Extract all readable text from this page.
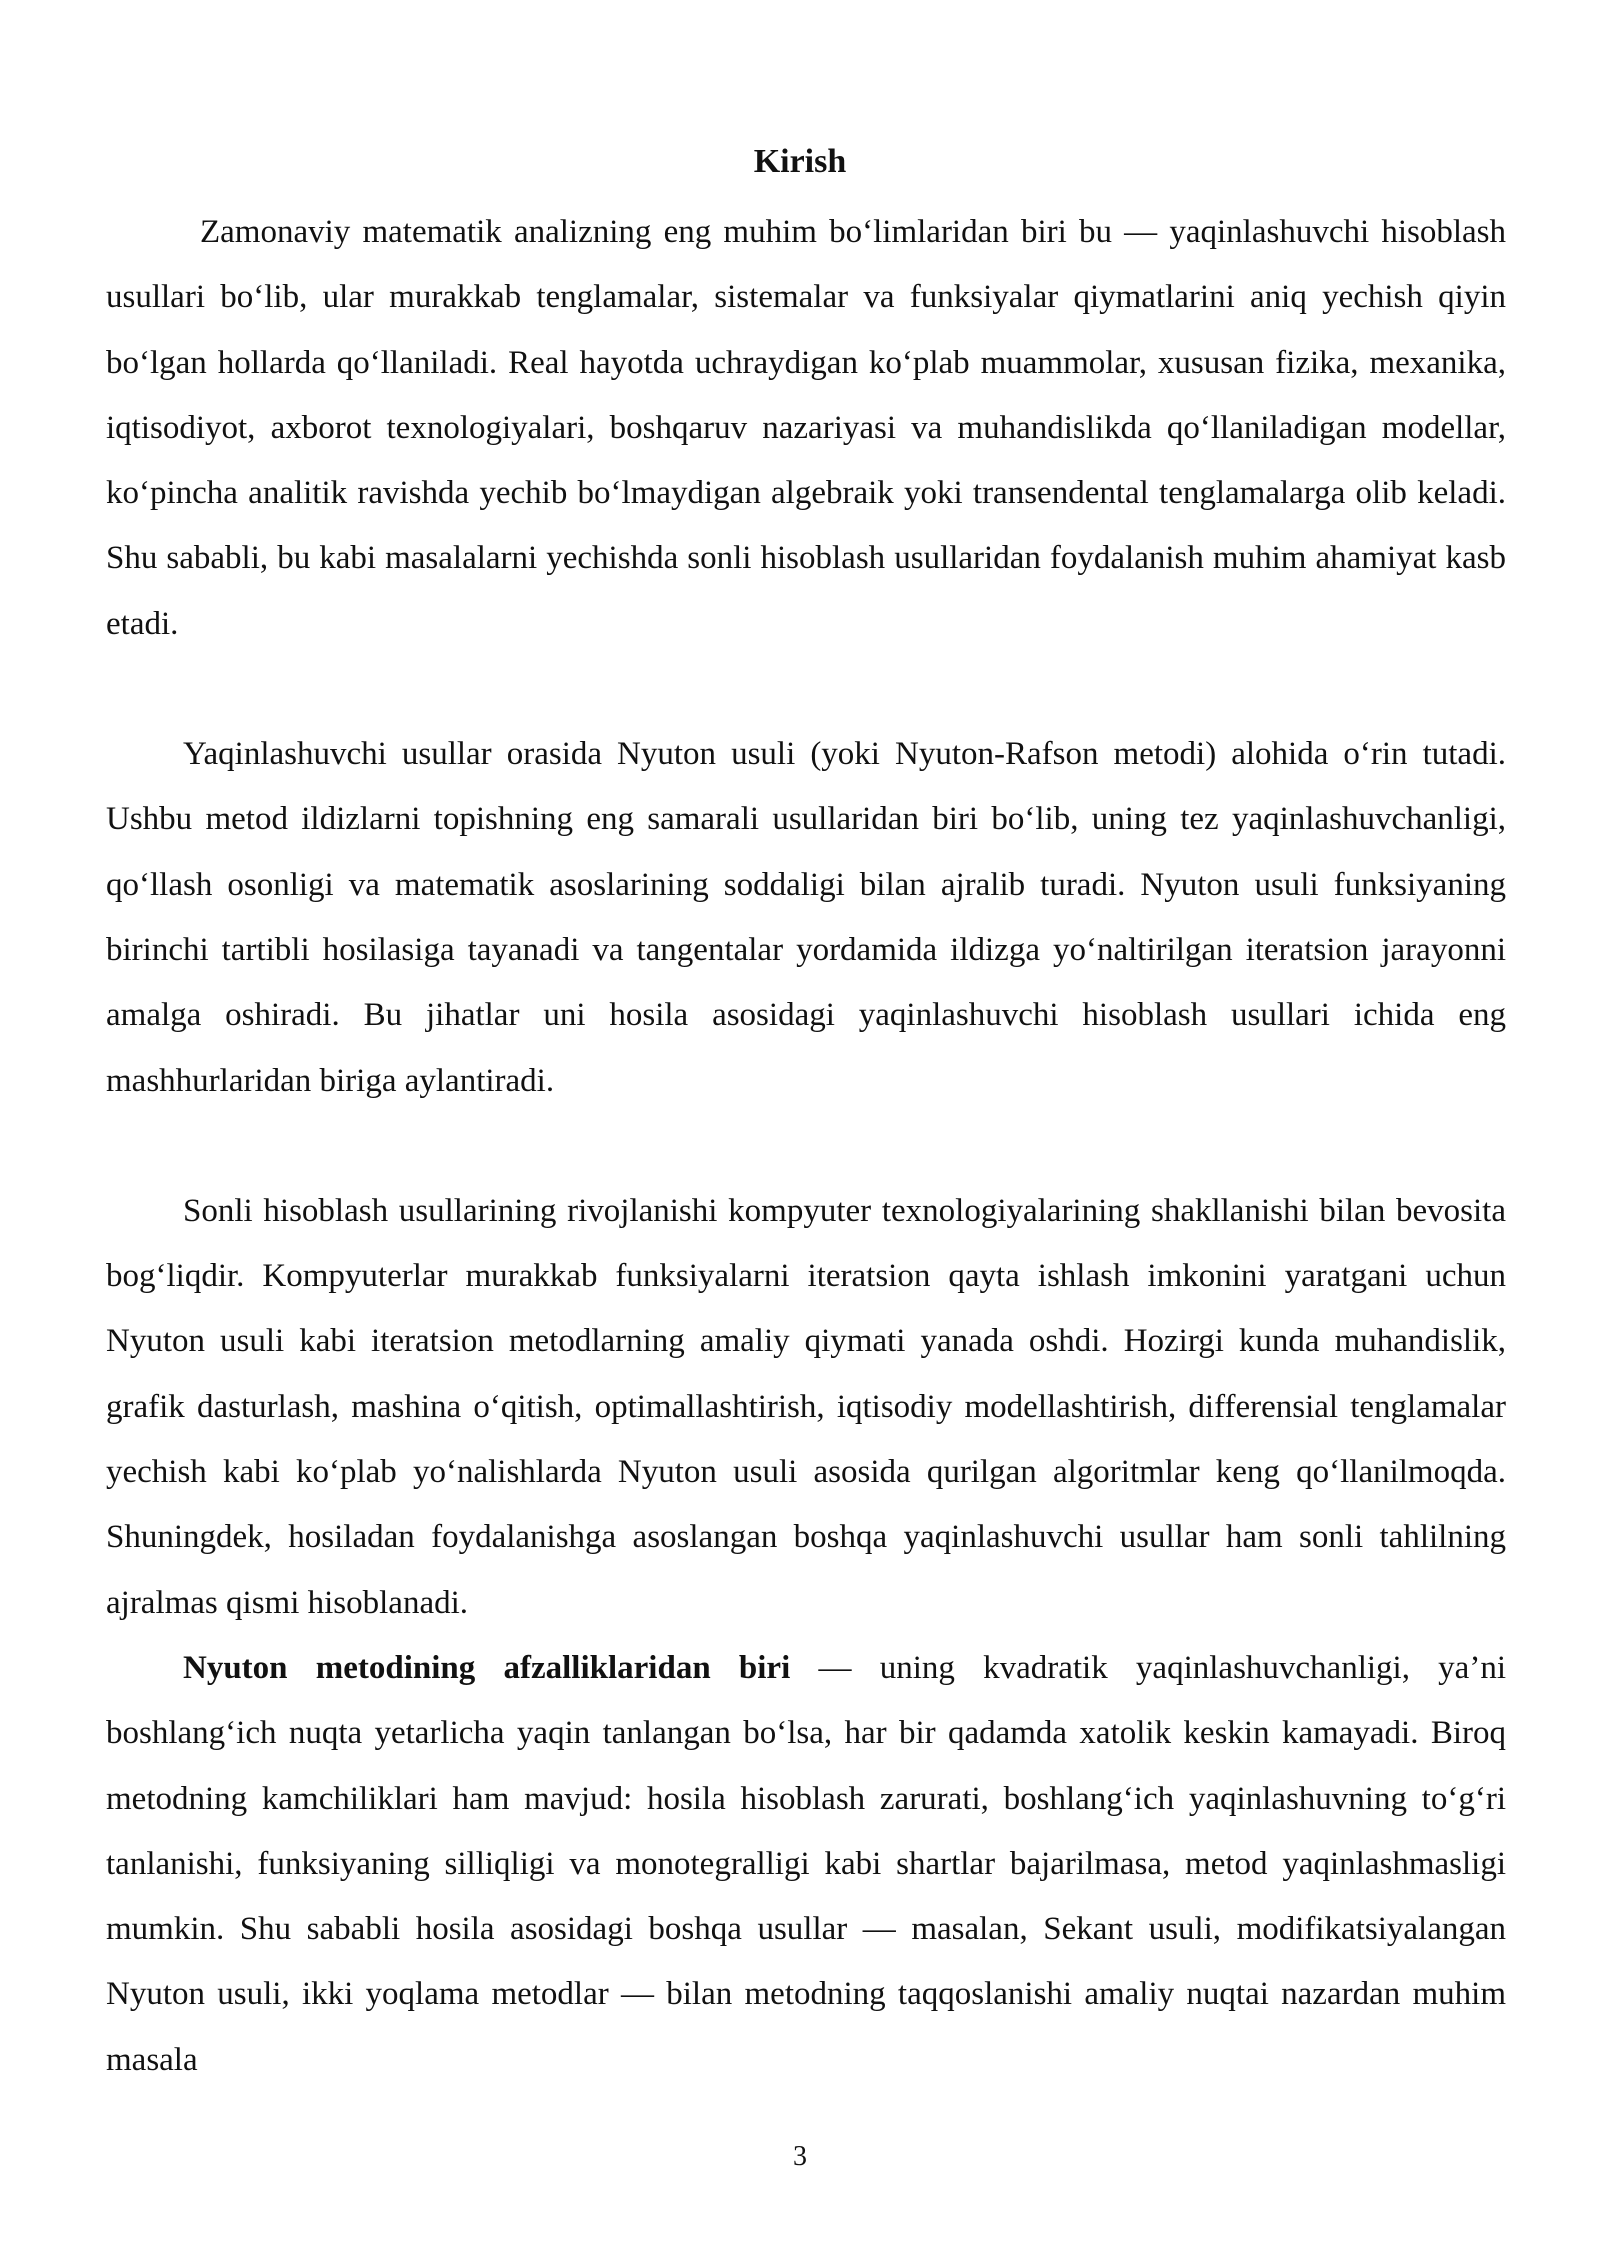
Kirish

Zamonaviy matematik analizning eng muhim bo‘limlaridan biri bu — yaqinlashuvchi hisoblash usullari bo‘lib, ular murakkab tenglamalar, sistemalar va funksiyalar qiymatlarini aniq yechish qiyin bo‘lgan hollarda qo‘llaniladi. Real hayotda uchraydigan ko‘plab muammolar, xususan fizika, mexanika, iqtisodiyot, axborot texnologiyalari, boshqaruv nazariyasi va muhandislikda qo‘llaniladigan modellar, ko‘pincha analitik ravishda yechib bo‘lmaydigan algebraik yoki transendental tenglamalarga olib keladi. Shu sababli, bu kabi masalalarni yechishda sonli hisoblash usullaridan foydalanish muhim ahamiyat kasb etadi.

Yaqinlashuvchi usullar orasida Nyuton usuli (yoki Nyuton-Rafson metodi) alohida o‘rin tutadi. Ushbu metod ildizlarni topishning eng samarali usullaridan biri bo‘lib, uning tez yaqinlashuvchanligi, qo‘llash osonligi va matematik asoslarining soddaligi bilan ajralib turadi. Nyuton usuli funksiyaning birinchi tartibli hosilasiga tayanadi va tangentalar yordamida ildizga yo‘naltirilgan iteratsion jarayonni amalga oshiradi. Bu jihatlar uni hosila asosidagi yaqinlashuvchi hisoblash usullari ichida eng mashhurlaridan biriga aylantiradi.

Sonli hisoblash usullarining rivojlanishi kompyuter texnologiyalarining shakllanishi bilan bevosita bog‘liqdir. Kompyuterlar murakkab funksiyalarni iteratsion qayta ishlash imkonini yaratgani uchun Nyuton usuli kabi iteratsion metodlarning amaliy qiymati yanada oshdi. Hozirgi kunda muhandislik, grafik dasturlash, mashina o‘qitish, optimallashtirish, iqtisodiy modellashtirish, differensial tenglamalar yechish kabi ko‘plab yo‘nalishlarda Nyuton usuli asosida qurilgan algoritmlar keng qo‘llanilmoqda. Shuningdek, hosiladan foydalanishga asoslangan boshqa yaqinlashuvchi usullar ham sonli tahlilning ajralmas qismi hisoblanadi.

Nyuton metodining afzalliklaridan biri — uning kvadratik yaqinlashuvchanligi, ya’ni boshlang‘ich nuqta yetarlicha yaqin tanlangan bo‘lsa, har bir qadamda xatolik keskin kamayadi. Biroq metodning kamchiliklari ham mavjud: hosila hisoblash zarurati, boshlang‘ich yaqinlashuvning to‘g‘ri tanlanishi, funksiyaning silliqligi va monotegralligi kabi shartlar bajarilmasa, metod yaqinlashmasligi mumkin. Shu sababli hosila asosidagi boshqa usullar — masalan, Sekant usuli, modifikatsiyalangan Nyuton usuli, ikki yoqlama metodlar — bilan metodning taqqoslanishi amaliy nuqtai nazardan muhim masala

3
